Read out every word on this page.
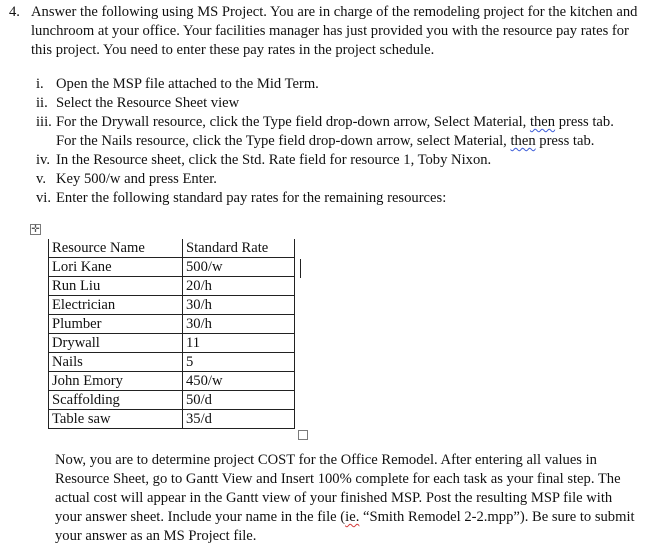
4. Answer the following using MS Project. You are in charge of the remodeling project for the kitchen and lunchroom at your office. Your facilities manager has just provided you with the resource pay rates for this project. You need to enter these pay rates in the project schedule.
i. Open the MSP file attached to the Mid Term.
ii. Select the Resource Sheet view
iii. For the Drywall resource, click the Type field drop-down arrow, Select Material, then press tab. For the Nails resource, click the Type field drop-down arrow, select Material, then press tab.
iv. In the Resource sheet, click the Std. Rate field for resource 1, Toby Nixon.
v. Key 500/w and press Enter.
vi. Enter the following standard pay rates for the remaining resources:
✛
Resource Name	Standard Rate
Lori Kane	500/w
Run Liu	20/h
Electrician	30/h
Plumber	30/h
Drywall	11
Nails	5
John Emory	450/w
Scaffolding	50/d
Table saw	35/d
Now, you are to determine project COST for the Office Remodel. After entering all values in Resource Sheet, go to Gantt View and Insert 100% complete for each task as your final step. The actual cost will appear in the Gantt view of your finished MSP. Post the resulting MSP file with your answer sheet. Include your name in the file (ie. “Smith Remodel 2-2.mpp”). Be sure to submit your answer as an MS Project file.
